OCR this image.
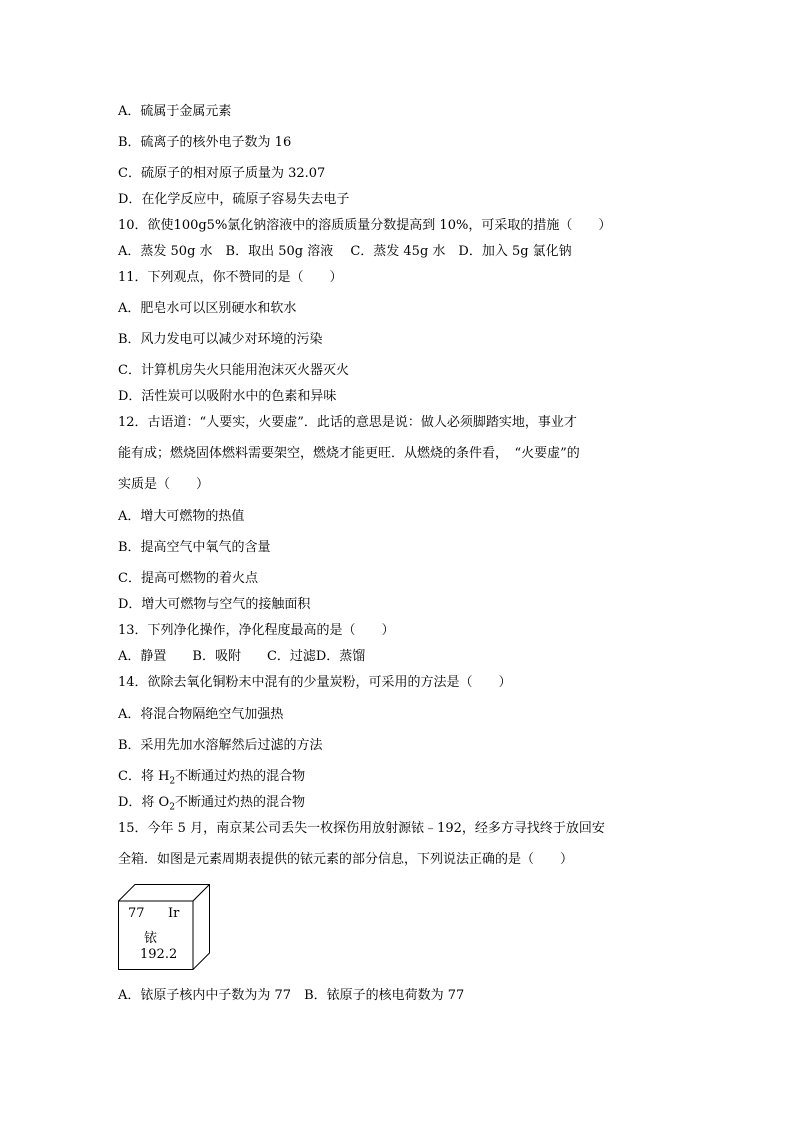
A．硫属于金属元素
B．硫离子的核外电子数为 16
C．硫原子的相对原子质量为 32.07
D．在化学反应中，硫原子容易失去电子
10．欲使100g5%氯化钠溶液中的溶质质量分数提高到 10%，可采取的措施（　　）
A．蒸发 50g 水　B．取出 50g 溶液　 C．蒸发 45g 水　D．加入 5g 氯化钠
11．下列观点，你不赞同的是（　　）
A．肥皂水可以区别硬水和软水
B．风力发电可以减少对环境的污染
C．计算机房失火只能用泡沫灭火器灭火
D．活性炭可以吸附水中的色素和异味
12．古语道：“人要实，火要虚”．此话的意思是说：做人必须脚踏实地，事业才
能有成；燃烧固体燃料需要架空，燃烧才能更旺．从燃烧的条件看，　“火要虚”的
实质是（　　）
A．增大可燃物的热值
B．提高空气中氧气的含量
C．提高可燃物的着火点
D．增大可燃物与空气的接触面积
13．下列净化操作，净化程度最高的是（　　）
A．静置　　B．吸附　　C．过滤D．蒸馏
14．欲除去氧化铜粉末中混有的少量炭粉，可采用的方法是（　　）
A．将混合物隔绝空气加强热
B．采用先加水溶解然后过滤的方法
C．将 $H_2$不断通过灼热的混合物
D．将 $O_2$不断通过灼热的混合物
15．今年 5 月，南京某公司丢失一枚探伤用放射源铱﹣192，经多方寻找终于放回安
全箱．如图是元素周期表提供的铱元素的部分信息，下列说法正确的是（　　）
77 Ir
铱
192.2
A．铱原子核内中子数为为 77　B．铱原子的核电荷数为 77
